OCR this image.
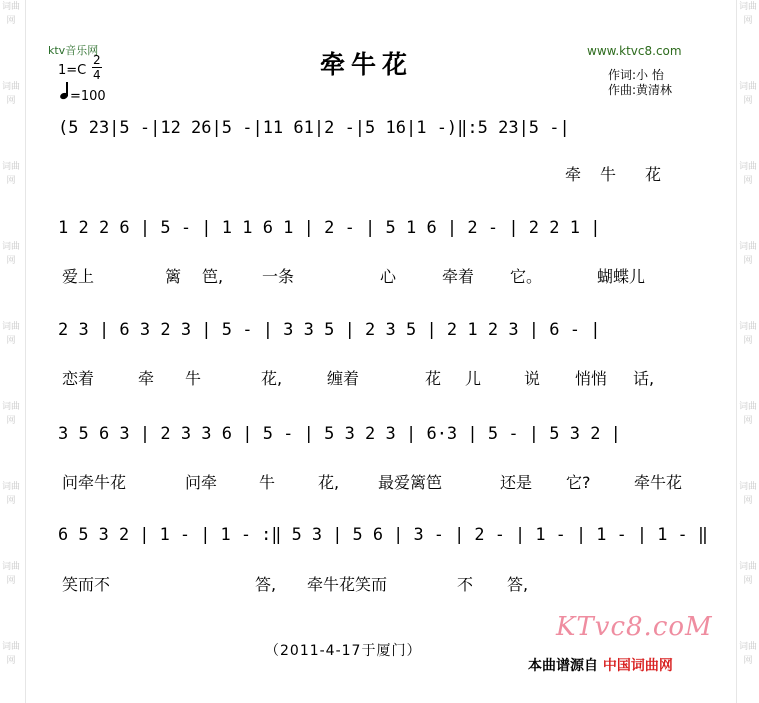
词曲网
词曲网
词曲网
词曲网
词曲网
词曲网
词曲网
词曲网
词曲网
词曲网
词曲网
词曲网
词曲网
词曲网
词曲网
词曲网
词曲网
词曲网
ktv音乐网	牵牛花
1=C
2
4
=100
www.ktvc8.com
作词:小 怡
作曲:黄清林
(5 23|5 -|12 26|5 -|11 61|2 -|5 16|1 -)‖:5 23|5 -|
牵 牛 花
1 2 2 6 | 5 - | 1 1 6 1 | 2 - | 5 1 6 | 2 - | 2 2 1 |
爱上	篱 笆, 一条	心	牵着 它。	蝴蝶儿
2 3 | 6 3 2 3 | 5 - | 3 3 5 | 2 3 5 | 2 1 2 3 | 6 - |
恋着	牵 牛	花,	缠着	花 儿	说 悄悄 话,
3 5 6 3 | 2 3 3 6 | 5 - | 5 3 2 3 | 6·3 | 5 - | 5 3 2 |
问牵牛花	问牵	牛	花, 最爱篱笆	还是 它?	牵牛花
6 5 3 2 | 1 - | 1 - :‖ 5 3 | 5 6 | 3 - | 2 - | 1 - | 1 - | 1 - ‖
笑而不	答, 牵牛花笑而	不 答,
（2011-4-17于厦门）
KTvc8.coM
本曲谱源自 中国词曲网
